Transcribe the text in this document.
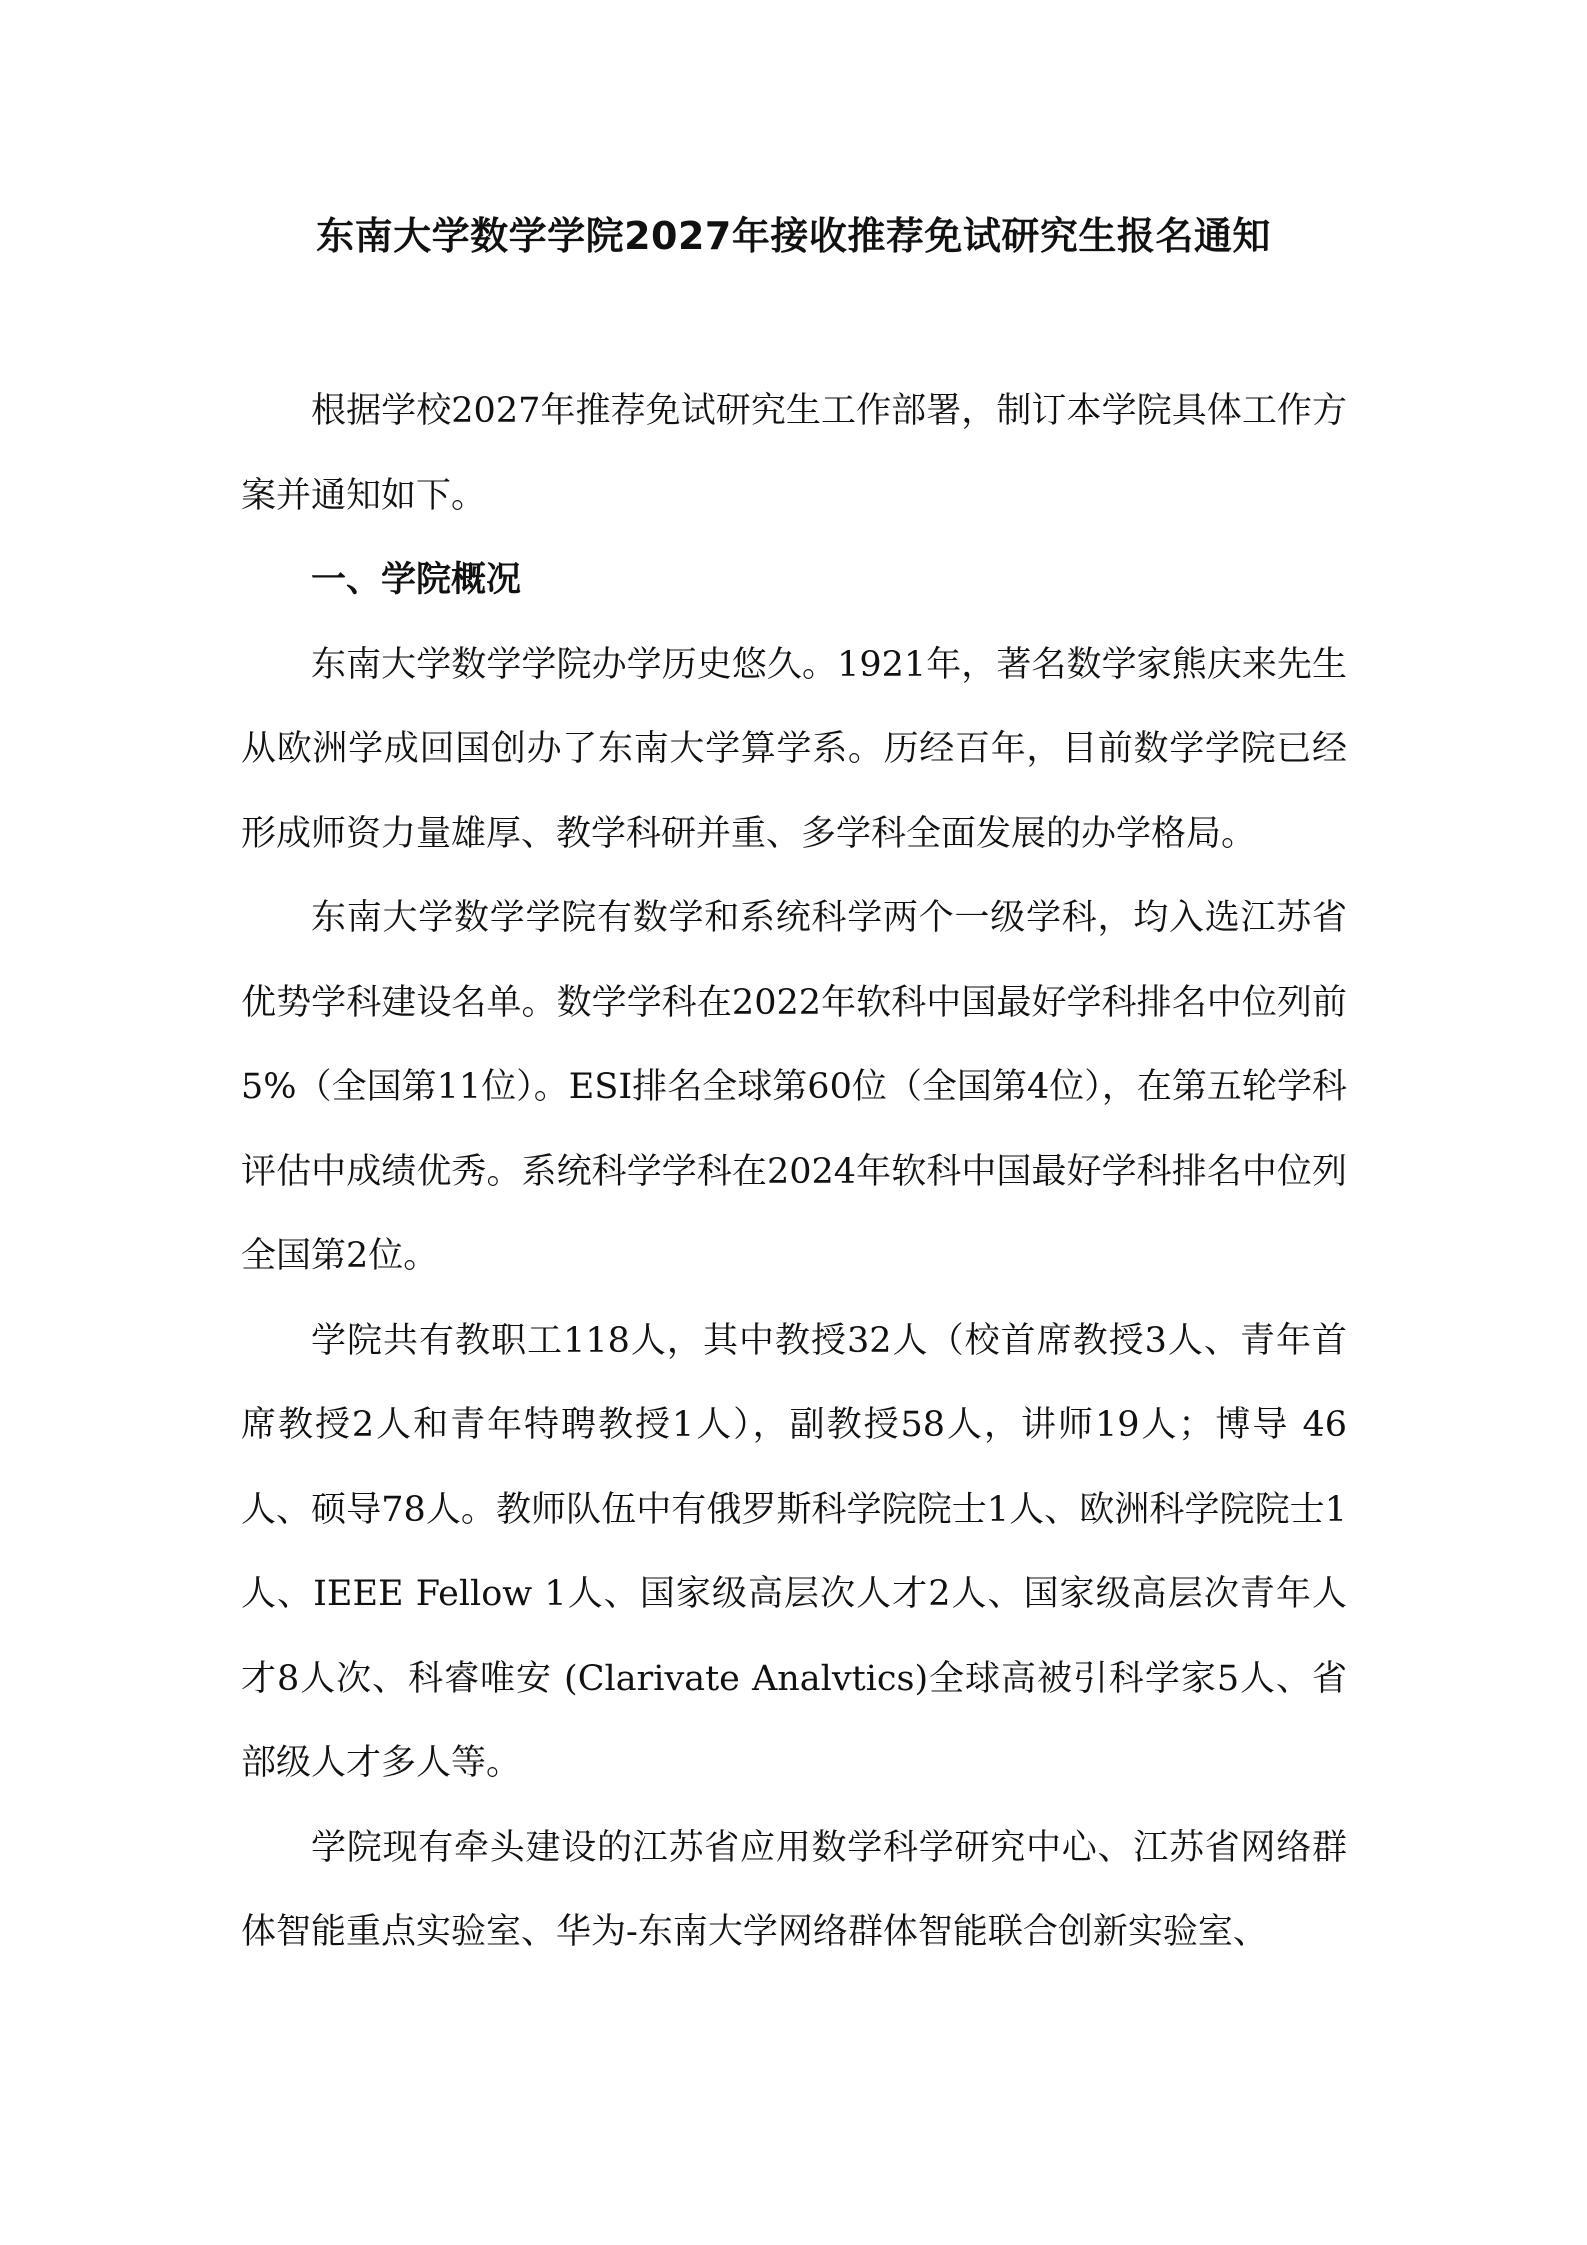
东南大学数学学院2027年接收推荐免试研究生报名通知

根据学校2027年推荐免试研究生工作部署，制订本学院具体工作方案并通知如下。

一、学院概况

东南大学数学学院办学历史悠久。1921年，著名数学家熊庆来先生从欧洲学成回国创办了东南大学算学系。历经百年，目前数学学院已经形成师资力量雄厚、教学科研并重、多学科全面发展的办学格局。

东南大学数学学院有数学和系统科学两个一级学科，均入选江苏省优势学科建设名单。数学学科在2022年软科中国最好学科排名中位列前5%（全国第11位）。ESI排名全球第60位（全国第4位），在第五轮学科评估中成绩优秀。系统科学学科在2024年软科中国最好学科排名中位列全国第2位。

学院共有教职工118人，其中教授32人（校首席教授3人、青年首席教授2人和青年特聘教授1人），副教授58人，讲师19人；博导 46人、硕导78人。教师队伍中有俄罗斯科学院院士1人、欧洲科学院院士1人、IEEE Fellow 1人、国家级高层次人才2人、国家级高层次青年人才8人次、科睿唯安 (Clarivate Analvtics)全球高被引科学家5人、省部级人才多人等。

学院现有牵头建设的江苏省应用数学科学研究中心、江苏省网络群体智能重点实验室、华为-东南大学网络群体智能联合创新实验室、
